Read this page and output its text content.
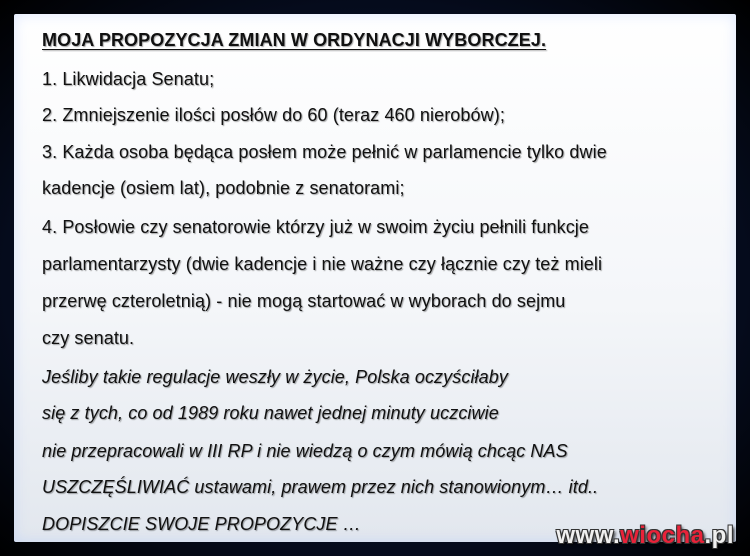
MOJA PROPOZYCJA ZMIAN W ORDYNACJI WYBORCZEJ.
1. Likwidacja Senatu;
2. Zmniejszenie ilości posłów do 60 (teraz 460 nierobów);
3. Każda osoba będąca posłem może pełnić w parlamencie tylko dwie
kadencje (osiem lat), podobnie z senatorami;
4. Posłowie czy senatorowie którzy już w swoim życiu pełnili funkcje
parlamentarzysty (dwie kadencje i nie ważne czy łącznie czy też mieli
przerwę czteroletnią) - nie mogą startować w wyborach do sejmu
czy senatu.
Jeśliby takie regulacje weszły w życie, Polska oczyściłaby
się z tych, co od 1989 roku nawet jednej minuty uczciwie
nie przepracowali w III RP i nie wiedzą o czym mówią chcąc NAS
USZCZĘŚLIWIAĆ ustawami, prawem przez nich stanowionym… itd..
DOPISZCIE SWOJE PROPOZYCJE …	www.wiocha.pl
